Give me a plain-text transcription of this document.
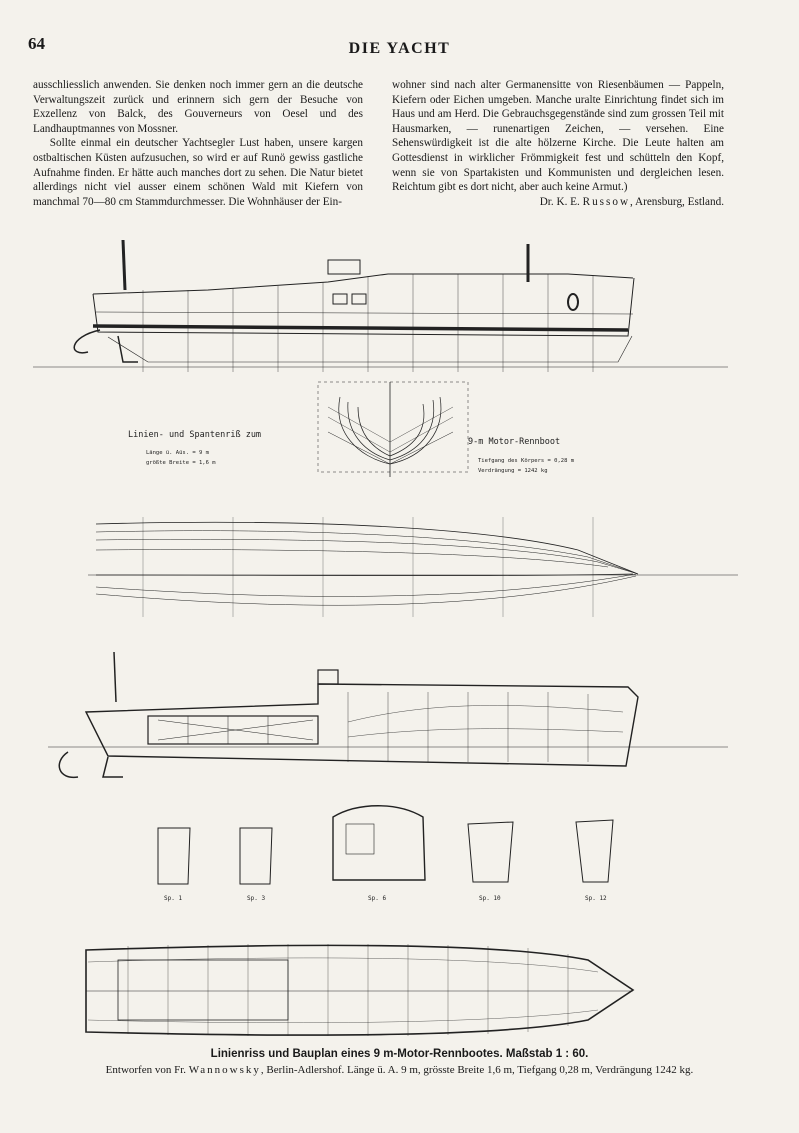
64	DIE YACHT

ausschliesslich anwenden. Sie denken noch immer gern an die deutsche Verwaltungszeit zurück und erinnern sich gern der Besuche von Exzellenz von Balck, des Gouverneurs von Oesel und des Landhauptmannes von Mossner.

Sollte einmal ein deutscher Yachtsegler Lust haben, unsere kargen ostbaltischen Küsten aufzusuchen, so wird er auf Runö gewiss gastliche Aufnahme finden. Er hätte auch manches dort zu sehen. Die Natur bietet allerdings nicht viel ausser einem schönen Wald mit Kiefern von manchmal 70—80 cm Stammdurchmesser. Die Wohnhäuser der Ein-

wohner sind nach alter Germanensitte von Riesenbäumen — Pappeln, Kiefern oder Eichen umgeben. Manche uralte Einrichtung findet sich im Haus und am Herd. Die Gebrauchsgegenstände sind zum grossen Teil mit Hausmarken, — runenartigen Zeichen, — versehen. Eine Sehenswürdigkeit ist die alte hölzerne Kirche. Die Leute halten am Gottesdienst in wirklicher Frömmigkeit fest und schütteln den Kopf, wenn sie von Spartakisten und Kommunisten und dergleichen lesen. Reichtum gibt es dort nicht, aber auch keine Armut.)

Dr. K. E. Russow, Arensburg, Estland.

Linien- und Spantenriß zum
Länge ü. Aüs. = 9 m
größte Breite = 1,6 m
9-m Motor-Rennboot
Tiefgang des Körpers = 0,28 m
Verdrängung = 1242 kg
Sp. 1	Sp. 3	Sp. 6	Sp. 10	Sp. 12
Linienriss und Bauplan eines 9 m-Motor-Rennbootes. Maßstab 1 : 60.
Entworfen von Fr. Wannowsky, Berlin-Adlershof. Länge ü. A. 9 m, grösste Breite 1,6 m, Tiefgang 0,28 m, Verdrängung 1242 kg.
